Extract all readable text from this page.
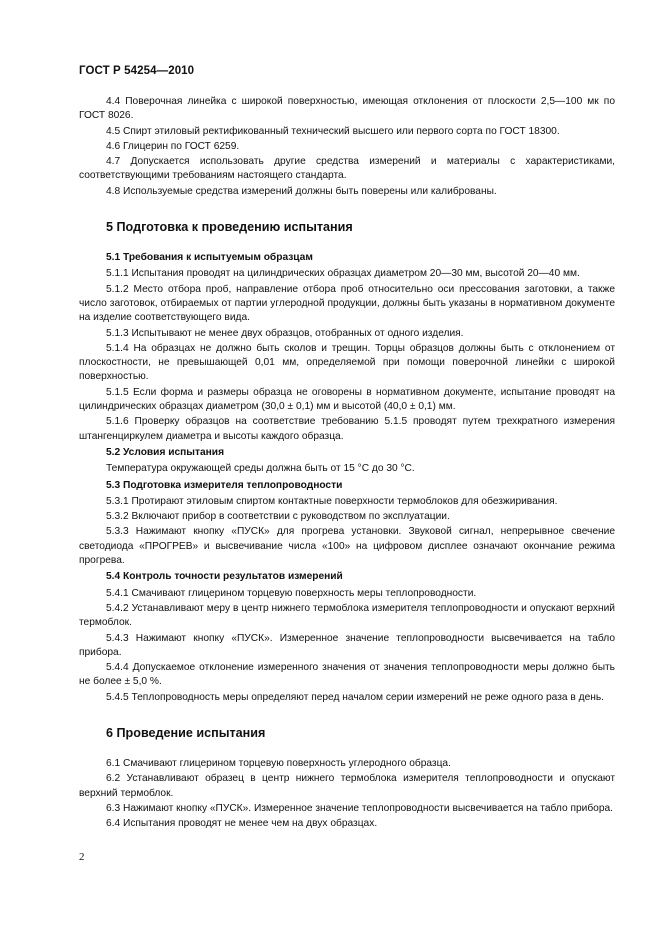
ГОСТ Р 54254—2010
4.4 Поверочная линейка с широкой поверхностью, имеющая отклонения от плоскости 2,5—100 мк по ГОСТ 8026.
4.5 Спирт этиловый ректификованный технический высшего или первого сорта по ГОСТ 18300.
4.6 Глицерин по ГОСТ 6259.
4.7 Допускается использовать другие средства измерений и материалы с характеристиками, соответствующими требованиям настоящего стандарта.
4.8 Используемые средства измерений должны быть поверены или калиброваны.
5 Подготовка к проведению испытания
5.1 Требования к испытуемым образцам
5.1.1 Испытания проводят на цилиндрических образцах диаметром 20—30 мм, высотой 20—40 мм.
5.1.2 Место отбора проб, направление отбора проб относительно оси прессования заготовки, а также число заготовок, отбираемых от партии углеродной продукции, должны быть указаны в нормативном документе на изделие соответствующего вида.
5.1.3 Испытывают не менее двух образцов, отобранных от одного изделия.
5.1.4 На образцах не должно быть сколов и трещин. Торцы образцов должны быть с отклонением от плоскостности, не превышающей 0,01 мм, определяемой при помощи поверочной линейки с широкой поверхностью.
5.1.5 Если форма и размеры образца не оговорены в нормативном документе, испытание проводят на цилиндрических образцах диаметром (30,0 ± 0,1) мм и высотой (40,0 ± 0,1) мм.
5.1.6 Проверку образцов на соответствие требованию 5.1.5 проводят путем трехкратного измерения штангенциркулем диаметра и высоты каждого образца.
5.2 Условия испытания
Температура окружающей среды должна быть от 15 °С до 30 °С.
5.3 Подготовка измерителя теплопроводности
5.3.1 Протирают этиловым спиртом контактные поверхности термоблоков для обезжиривания.
5.3.2 Включают прибор в соответствии с руководством по эксплуатации.
5.3.3 Нажимают кнопку «ПУСК» для прогрева установки. Звуковой сигнал, непрерывное свечение светодиода «ПРОГРЕВ» и высвечивание числа «100» на цифровом дисплее означают окончание режима прогрева.
5.4 Контроль точности результатов измерений
5.4.1 Смачивают глицерином торцевую поверхность меры теплопроводности.
5.4.2 Устанавливают меру в центр нижнего термоблока измерителя теплопроводности и опускают верхний термоблок.
5.4.3 Нажимают кнопку «ПУСК». Измеренное значение теплопроводности высвечивается на табло прибора.
5.4.4 Допускаемое отклонение измеренного значения от значения теплопроводности меры должно быть не более ± 5,0 %.
5.4.5 Теплопроводность меры определяют перед началом серии измерений не реже одного раза в день.
6 Проведение испытания
6.1 Смачивают глицерином торцевую поверхность углеродного образца.
6.2 Устанавливают образец в центр нижнего термоблока измерителя теплопроводности и опускают верхний термоблок.
6.3 Нажимают кнопку «ПУСК». Измеренное значение теплопроводности высвечивается на табло прибора.
6.4 Испытания проводят не менее чем на двух образцах.
2
